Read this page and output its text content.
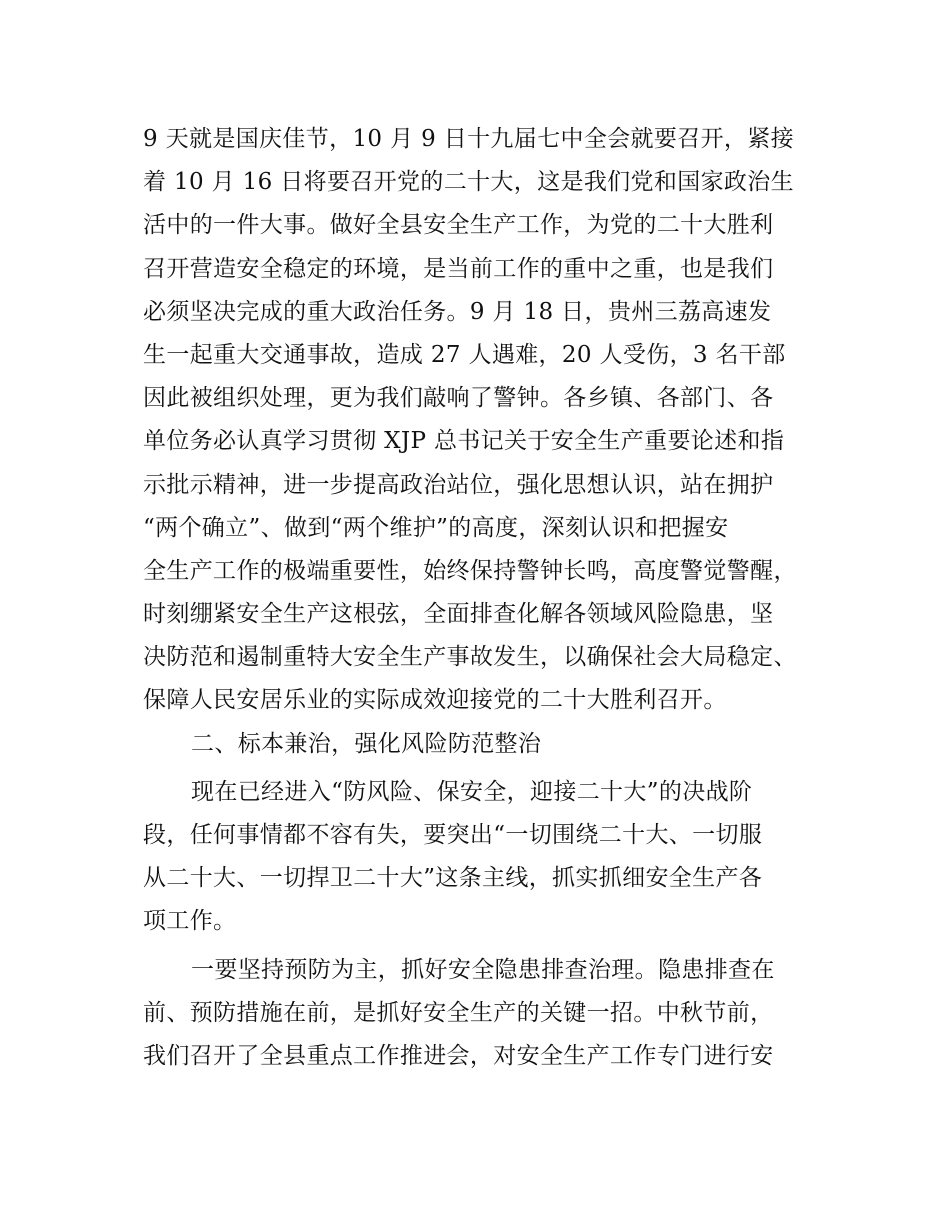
9 天就是国庆佳节，10 月 9 日十九届七中全会就要召开，紧接
着 10 月 16 日将要召开党的二十大，这是我们党和国家政治生
活中的一件大事。做好全县安全生产工作，为党的二十大胜利
召开营造安全稳定的环境，是当前工作的重中之重，也是我们
必须坚决完成的重大政治任务。9 月 18 日，贵州三荔高速发
生一起重大交通事故，造成 27 人遇难，20 人受伤，3 名干部
因此被组织处理，更为我们敲响了警钟。各乡镇、各部门、各
单位务必认真学习贯彻 XJP 总书记关于安全生产重要论述和指
示批示精神，进一步提高政治站位，强化思想认识，站在拥护
“两个确立”、做到“两个维护”的高度，深刻认识和把握安
全生产工作的极端重要性，始终保持警钟长鸣，高度警觉警醒，
时刻绷紧安全生产这根弦，全面排查化解各领域风险隐患，坚
决防范和遏制重特大安全生产事故发生，以确保社会大局稳定、
保障人民安居乐业的实际成效迎接党的二十大胜利召开。
二、标本兼治，强化风险防范整治
现在已经进入“防风险、保安全，迎接二十大”的决战阶
段，任何事情都不容有失，要突出“一切围绕二十大、一切服
从二十大、一切捍卫二十大”这条主线，抓实抓细安全生产各
项工作。
一要坚持预防为主，抓好安全隐患排查治理。隐患排查在
前、预防措施在前，是抓好安全生产的关键一招。中秋节前，
我们召开了全县重点工作推进会，对安全生产工作专门进行安
